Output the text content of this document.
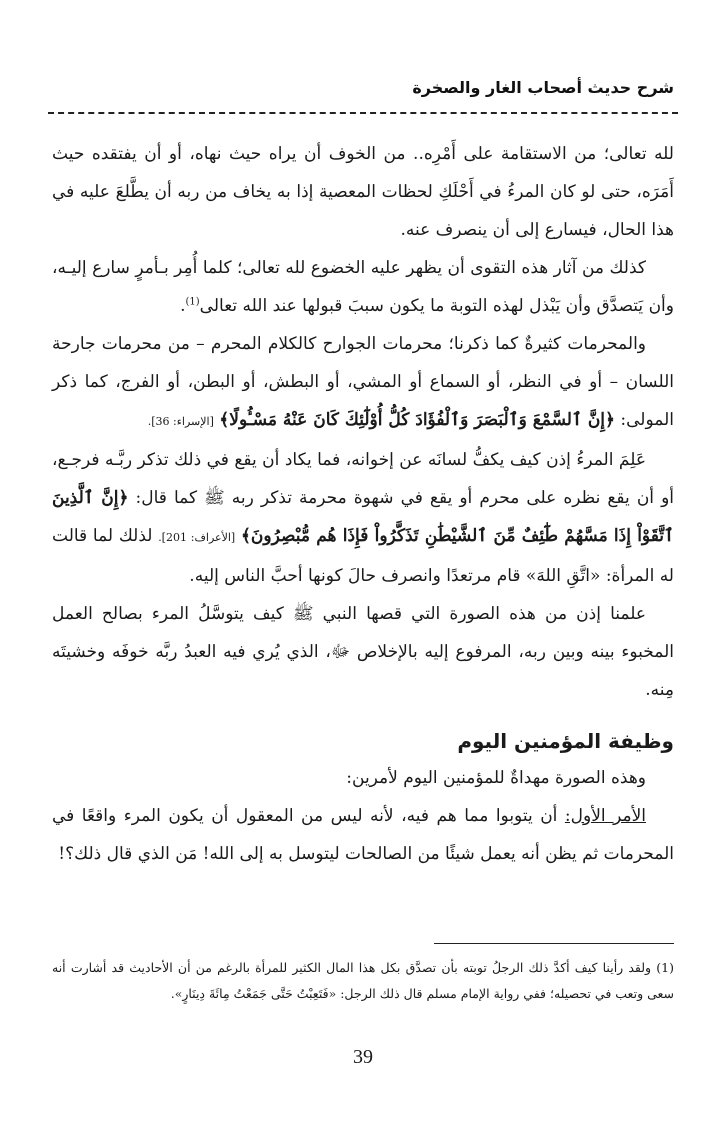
شرح حديث أصحاب الغار والصخرة

لله تعالى؛ من الاستقامة على أَمْرِه.. من الخوف أن يراه حيث نهاه، أو أن يفتقده حيث أَمَرَه، حتى لو كان المرءُ في أَحْلَكِ لحظات المعصية إذا به يخاف من ربه أن يطَّلعَ عليه في هذا الحال، فيسارع إلى أن ينصرف عنه.

كذلك من آثار هذه التقوى أن يظهر عليه الخضوع لله تعالى؛ كلما أُمِر بـأمرٍ سارع إليـه، وأن يَتصدَّق وأن يَبْذل لهذه التوبة ما يكون سببَ قبولها عند الله تعالى$^{(1)}$.

والمحرمات كثيرةٌ كما ذكرنا؛ محرمات الجوارح كالكلام المحرم – من محرمات جارحة اللسان – أو في النظر، أو السماع أو المشي، أو البطش، أو البطن، أو الفرج، كما ذكر المولى: ﴿إِنَّ ٱلسَّمْعَ وَٱلْبَصَرَ وَٱلْفُؤَادَ كُلُّ أُوْلَٰٓئِكَ كَانَ عَنْهُ مَسْـُٔولًا﴾ [الإسراء: 36].

عَلِمَ المرءُ إذن كيف يكفُّ لسانَه عن إخوانه، فما يكاد أن يقع في ذلك تذكر ربَّـه فرجـع، أو أن يقع نظره على محرم أو يقع في شهوة محرمة تذكر ربه ﷺ كما قال: ﴿إِنَّ ٱلَّذِينَ ٱتَّقَوْاْ إِذَا مَسَّهُمْ طَٰٓئِفٌ مِّنَ ٱلشَّيْطَٰنِ تَذَكَّرُواْ فَإِذَا هُم مُّبْصِرُونَ﴾ [الأعراف: 201]. لذلك لما قالت له المرأة: «اتَّقِ اللهَ» قام مرتعدًا وانصرف حالَ كونها أحبَّ الناس إليه.

علمنا إذن من هذه الصورة التي قصها النبي ﷺ كيف يتوسَّلُ المرء بصالح العمل المخبوء بينه وبين ربه، المرفوع إليه بالإخلاص ﷻ، الذي يُري فيه العبدُ ربَّه خوفَه وخشيتَه مِنه.

وظيفة المؤمنين اليوم

وهذه الصورة مهداةٌ للمؤمنين اليوم لأمرين:

الأمر الأول: أن يتوبوا مما هم فيه، لأنه ليس من المعقول أن يكون المرء واقعًا في المحرمات ثم يظن أنه يعمل شيئًا من الصالحات ليتوسل به إلى الله! مَن الذي قال ذلك؟!

(1) ولقد رأينا كيف أكدَّ ذلك الرجلُ توبته بأن تصدَّق بكل هذا المال الكثير للمرأة بالرغم من أن الأحاديث قد أشارت أنه سعى وتعب في تحصيله؛ ففي رواية الإمام مسلم قال ذلك الرجل: «فَتَعِبْتُ حَتَّى جَمَعْتُ مِائَةَ دِينَارٍ».
39
